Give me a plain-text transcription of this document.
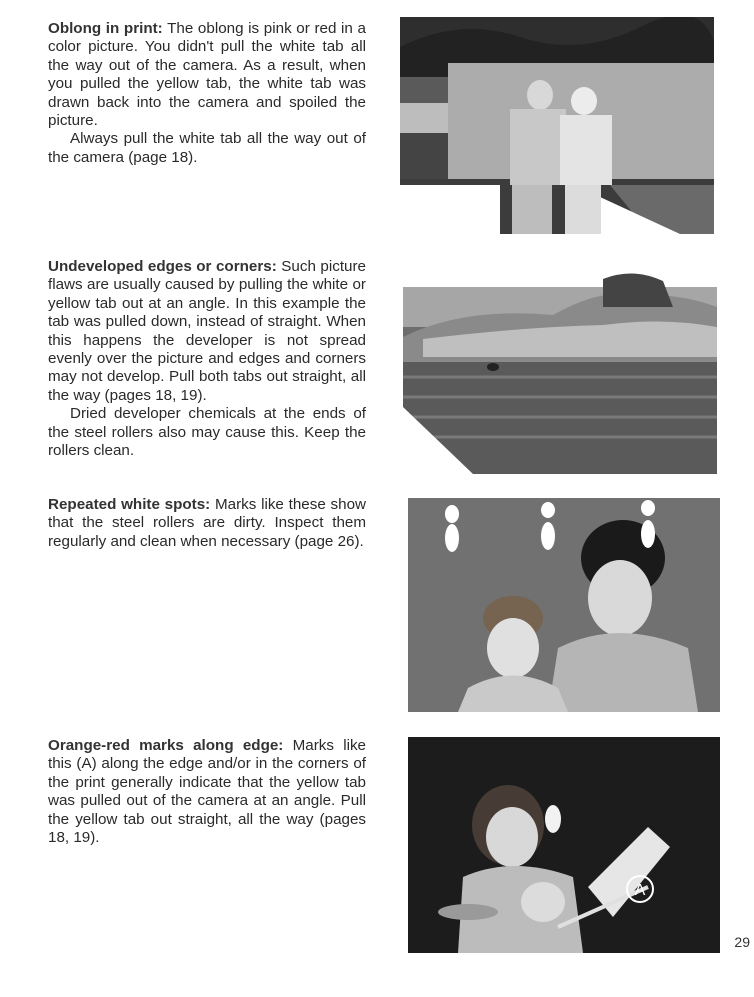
Oblong in print: The oblong is pink or red in a color picture. You didn't pull the white tab all the way out of the camera. As a result, when you pulled the yellow tab, the white tab was drawn back into the camera and spoiled the picture.

Always pull the white tab all the way out of the camera (page 18).

Undeveloped edges or corners: Such picture flaws are usually caused by pulling the white or yellow tab out at an angle. In this example the tab was pulled down, instead of straight. When this happens the developer is not spread evenly over the picture and edges and corners may not develop. Pull both tabs out straight, all the way (pages 18, 19).

Dried developer chemicals at the ends of the steel rollers also may cause this. Keep the rollers clean.

Repeated white spots: Marks like these show that the steel rollers are dirty. Inspect them regularly and clean when necessary (page 26).

Orange-red marks along edge: Marks like this (A) along the edge and/or in the corners of the print generally indicate that the yellow tab was pulled out of the camera at an angle. Pull the yellow tab out straight, all the way (pages 18, 19).

A
29
